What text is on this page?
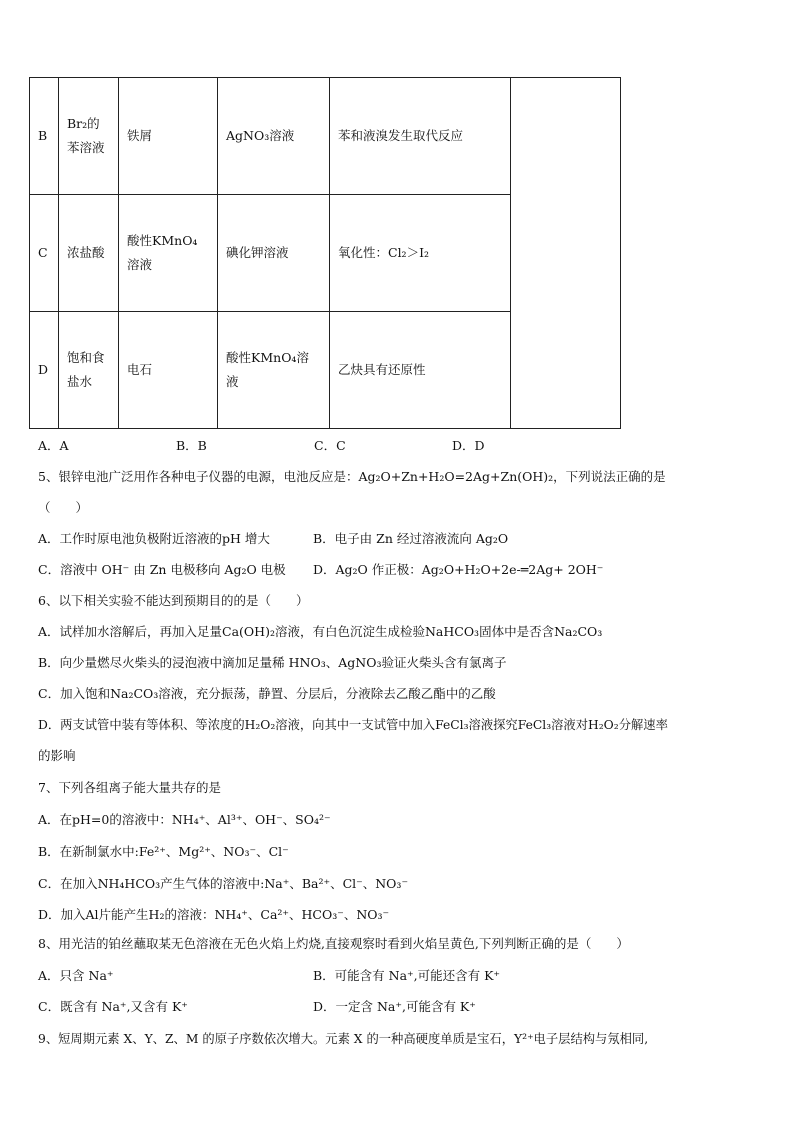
B	Br₂的苯溶液	铁屑	AgNO₃溶液	苯和液溴发生取代反应	
C	浓盐酸	酸性KMnO₄溶液	碘化钾溶液	氧化性：Cl₂＞I₂	
D	饱和食盐水	电石	酸性KMnO₄溶液	乙炔具有还原性	
A．A	B．B	C．C	D．D
5、银锌电池广泛用作各种电子仪器的电源，电池反应是：Ag₂O+Zn+H₂O=2Ag+Zn(OH)₂，下列说法正确的是
（　　）
A．工作时原电池负极附近溶液的pH 增大	B．电子由 Zn 经过溶液流向 Ag₂O
C．溶液中 OH⁻ 由 Zn 电极移向 Ag₂O 电极 D．Ag₂O 作正极：Ag₂O+H₂O+2e-═2Ag+ 2OH⁻
6、以下相关实验不能达到预期目的的是（　　）
A．试样加水溶解后，再加入足量Ca(OH)₂溶液，有白色沉淀生成检验NaHCO₃固体中是否含Na₂CO₃
B．向少量燃尽火柴头的浸泡液中滴加足量稀 HNO₃、AgNO₃验证火柴头含有氯离子
C．加入饱和Na₂CO₃溶液，充分振荡，静置、分层后，分液除去乙酸乙酯中的乙酸
D．两支试管中装有等体积、等浓度的H₂O₂溶液，向其中一支试管中加入FeCl₃溶液探究FeCl₃溶液对H₂O₂分解速率
的影响
7、下列各组离子能大量共存的是
A．在pH=0的溶液中：NH₄⁺、Al³⁺、OH⁻、SO₄²⁻
B．在新制氯水中:Fe²⁺、Mg²⁺、NO₃⁻、Cl⁻
C．在加入NH₄HCO₃产生气体的溶液中:Na⁺、Ba²⁺、Cl⁻、NO₃⁻
D．加入Al片能产生H₂的溶液：NH₄⁺、Ca²⁺、HCO₃⁻、NO₃⁻
8、用光洁的铂丝蘸取某无色溶液在无色火焰上灼烧,直接观察时看到火焰呈黄色,下列判断正确的是（　　）
A．只含 Na⁺	B．可能含有 Na⁺,可能还含有 K⁺
C．既含有 Na⁺,又含有 K⁺	D．一定含 Na⁺,可能含有 K⁺
9、短周期元素 X、Y、Z、M 的原子序数依次增大。元素 X 的一种高硬度单质是宝石，Y²⁺电子层结构与氖相同,
